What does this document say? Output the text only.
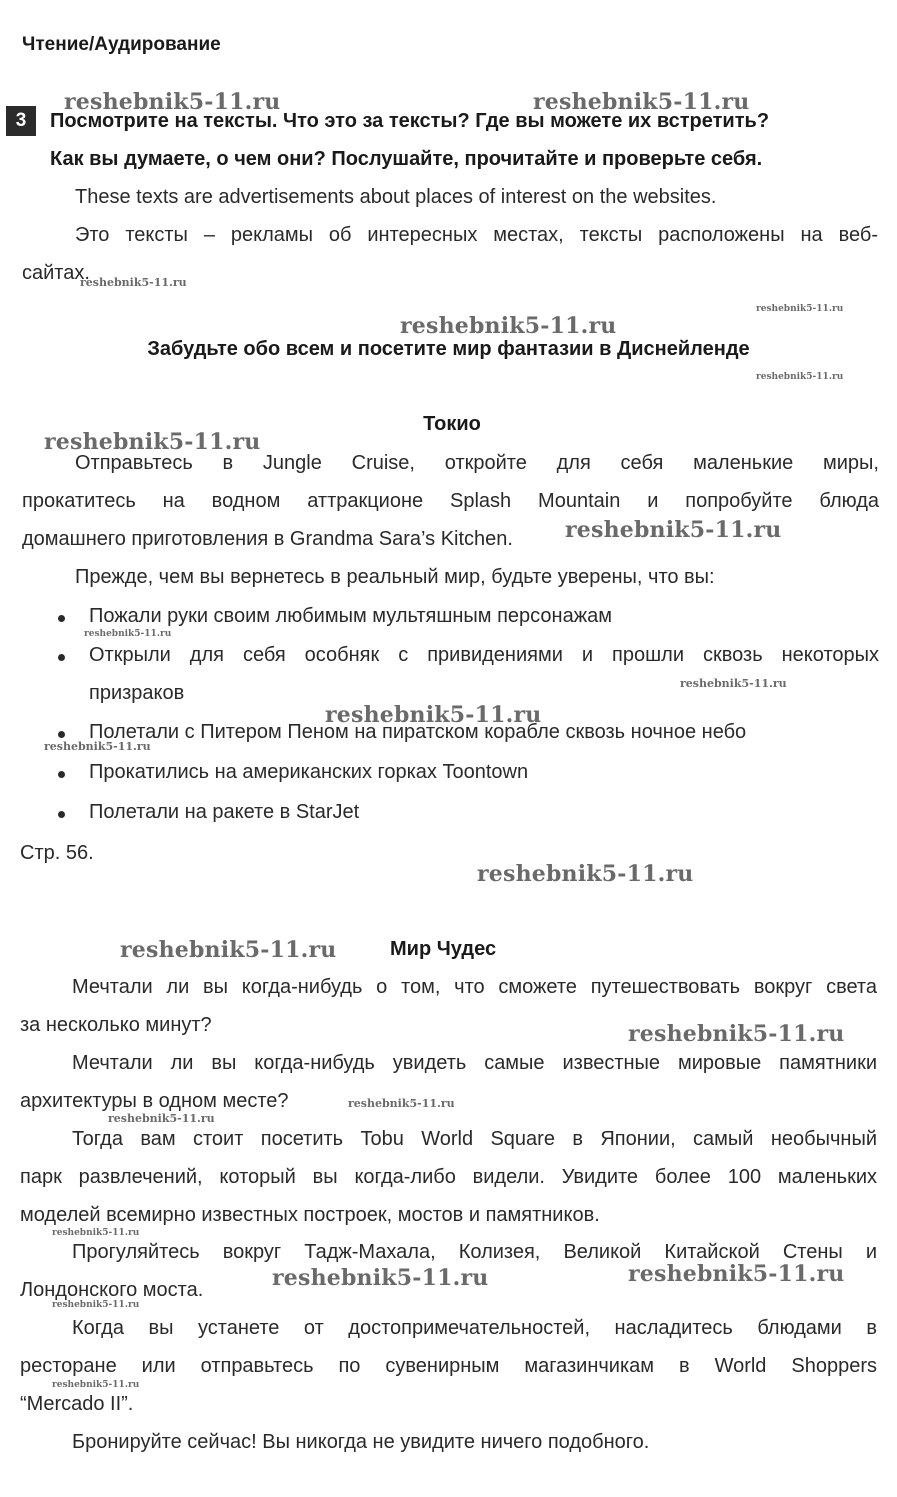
Чтение/Аудирование
3	Посмотрите на тексты. Что это за тексты? Где вы можете их встретить?
Как вы думаете, о чем они? Послушайте, прочитайте и проверьте себя.
These texts are advertisements about places of interest on the websites.
Это тексты – рекламы об интересных местах, тексты расположены на веб-
сайтах.
Забудьте обо всем и посетите мир фантазии в Диснейленде
Токио
Отправьтесь в Jungle Cruise, откройте для себя маленькие миры,
прокатитесь на водном аттракционе Splash Mountain и попробуйте блюда
домашнего приготовления в Grandma Sara’s Kitchen.
Прежде, чем вы вернетесь в реальный мир, будьте уверены, что вы:
Пожали руки своим любимым мультяшным персонажам
Открыли для себя особняк с привидениями и прошли сквозь некоторых
призраков
Полетали с Питером Пеном на пиратском корабле сквозь ночное небо
Прокатились на американских горках Toontown
Полетали на ракете в StarJet
Стр. 56.
Мир Чудес
Мечтали ли вы когда-нибудь о том, что сможете путешествовать вокруг света
за несколько минут?
Мечтали ли вы когда-нибудь увидеть самые известные мировые памятники
архитектуры в одном месте?
Тогда вам стоит посетить Tobu World Square в Японии, самый необычный
парк развлечений, который вы когда-либо видели. Увидите более 100 маленьких
моделей всемирно известных построек, мостов и памятников.
Прогуляйтесь вокруг Тадж-Махала, Колизея, Великой Китайской Стены и
Лондонского моста.
Когда вы устанете от достопримечательностей, насладитесь блюдами в
ресторане или отправьтесь по сувенирным магазинчикам в World Shoppers
“Mercado II”.
Бронируйте сейчас! Вы никогда не увидите ничего подобного.
reshebnik5-11.ru	reshebnik5-11.ru
reshebnik5-11.ru
reshebnik5-11.ru
reshebnik5-11.ru
reshebnik5-11.ru
reshebnik5-11.ru
reshebnik5-11.ru
reshebnik5-11.ru
reshebnik5-11.ru
reshebnik5-11.ru
reshebnik5-11.ru
reshebnik5-11.ru
reshebnik5-11.ru
reshebnik5-11.ru
reshebnik5-11.ru
reshebnik5-11.ru
reshebnik5-11.ru
reshebnik5-11.ru	reshebnik5-11.ru
reshebnik5-11.ru
reshebnik5-11.ru
